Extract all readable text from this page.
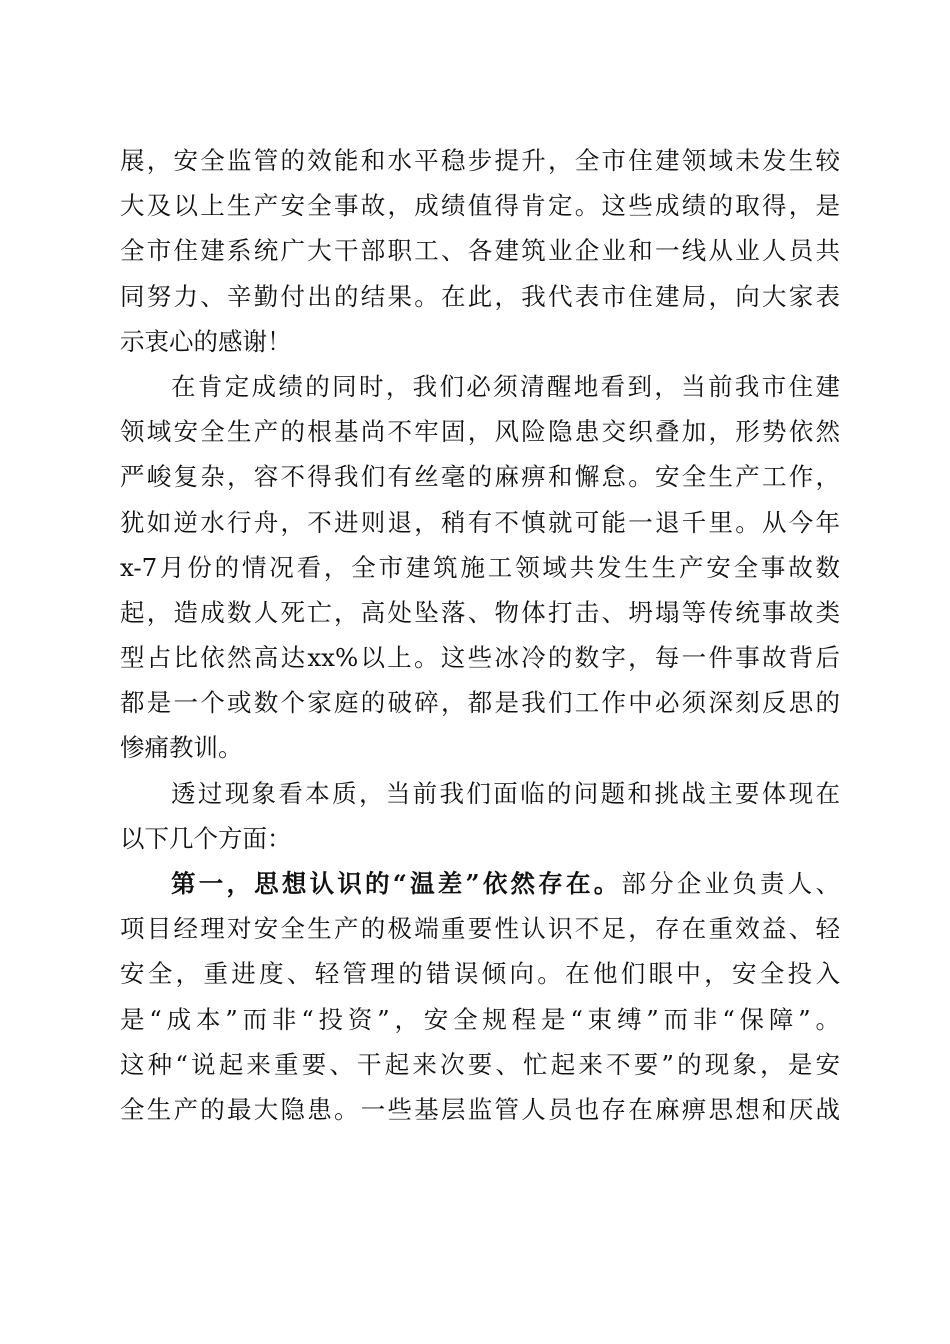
展，安全监管的效能和水平稳步提升，全市住建领域未发生较
大及以上生产安全事故，成绩值得肯定。这些成绩的取得，是
全市住建系统广大干部职工、各建筑业企业和一线从业人员共
同努力、辛勤付出的结果。在此，我代表市住建局，向大家表
示衷心的感谢！
在肯定成绩的同时，我们必须清醒地看到，当前我市住建
领域安全生产的根基尚不牢固，风险隐患交织叠加，形势依然
严峻复杂，容不得我们有丝毫的麻痹和懈怠。安全生产工作，
犹如逆水行舟，不进则退，稍有不慎就可能一退千里。从今年
x-7月份的情况看，全市建筑施工领域共发生生产安全事故数
起，造成数人死亡，高处坠落、物体打击、坍塌等传统事故类
型占比依然高达xx%以上。这些冰冷的数字，每一件事故背后
都是一个或数个家庭的破碎，都是我们工作中必须深刻反思的
惨痛教训。
透过现象看本质，当前我们面临的问题和挑战主要体现在
以下几个方面：
第一，思想认识的“温差”依然存在。部分企业负责人、
项目经理对安全生产的极端重要性认识不足，存在重效益、轻
安全，重进度、轻管理的错误倾向。在他们眼中，安全投入
是“成本”而非“投资”，安全规程是“束缚”而非“保障”。
这种“说起来重要、干起来次要、忙起来不要”的现象，是安
全生产的最大隐患。一些基层监管人员也存在麻痹思想和厌战
